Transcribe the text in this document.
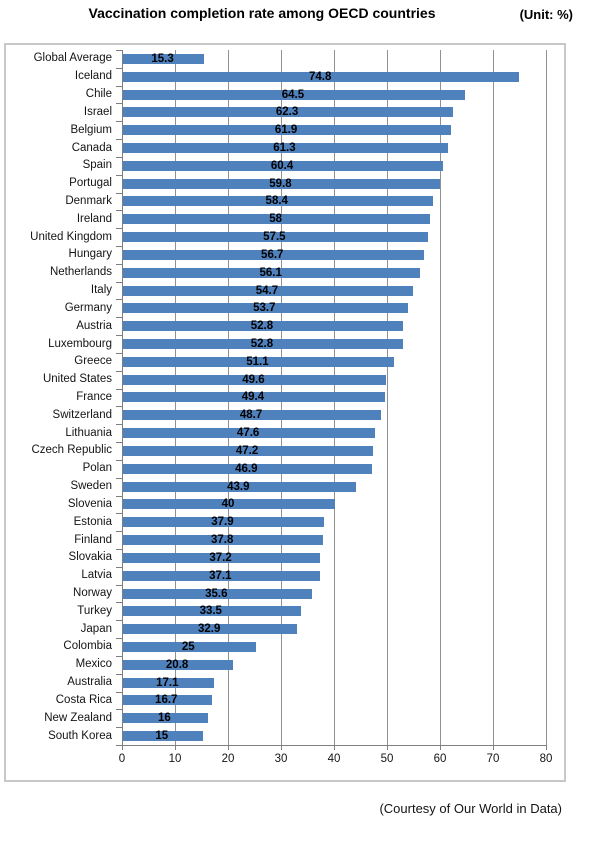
Vaccination completion rate among OECD countries	(Unit: %)
(Courtesy of Our World in Data)
0	10	20	30	40	50	60	70	80
Global Average	15.3
Iceland	74.8
Chile	64.5
Israel	62.3
Belgium	61.9
Canada	61.3
Spain	60.4
Portugal	59.8
Denmark	58.4
Ireland	58
United Kingdom	57.5
Hungary	56.7
Netherlands	56.1
Italy	54.7
Germany	53.7
Austria	52.8
Luxembourg	52.8
Greece	51.1
United States	49.6
France	49.4
Switzerland	48.7
Lithuania	47.6
Czech Republic	47.2
Polan	46.9
Sweden	43.9
Slovenia	40
Estonia	37.9
Finland	37.8
Slovakia	37.2
Latvia	37.1
Norway	35.6
Turkey	33.5
Japan	32.9
Colombia	25
Mexico	20.8
Australia	17.1
Costa Rica	16.7
New Zealand	16
South Korea	15
